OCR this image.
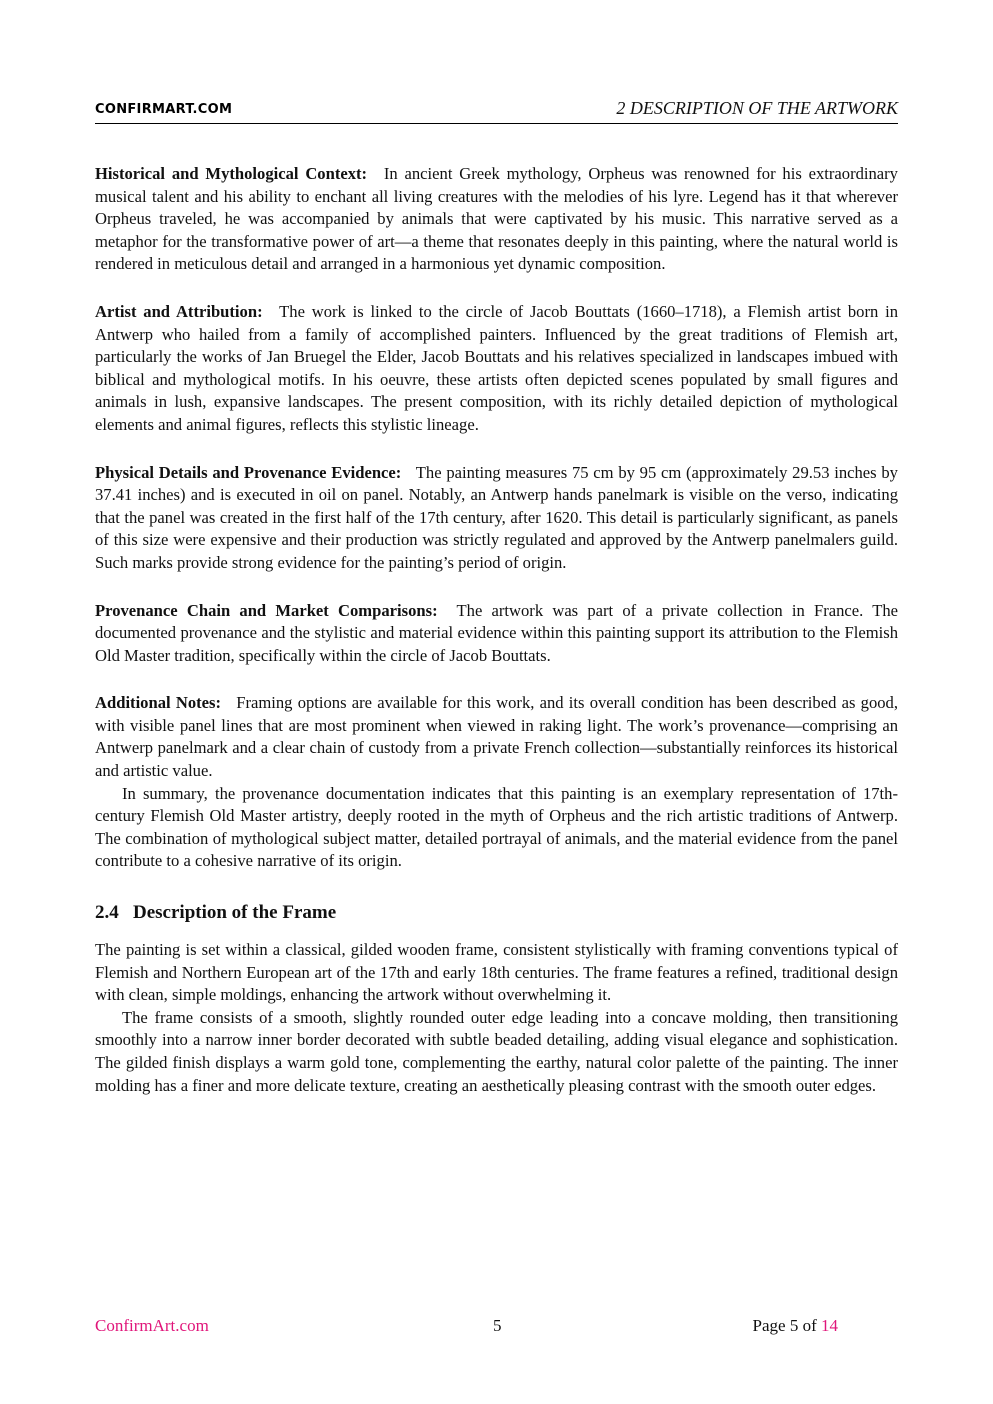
CONFIRMART.COM	2 DESCRIPTION OF THE ARTWORK

Historical and Mythological Context: In ancient Greek mythology, Orpheus was renowned for his extraordinary musical talent and his ability to enchant all living creatures with the melodies of his lyre. Legend has it that wherever Orpheus traveled, he was accompanied by animals that were captivated by his music. This narrative served as a metaphor for the transformative power of art—a theme that resonates deeply in this painting, where the natural world is rendered in meticulous detail and arranged in a harmonious yet dynamic composition.

Artist and Attribution: The work is linked to the circle of Jacob Bouttats (1660–1718), a Flemish artist born in Antwerp who hailed from a family of accomplished painters. Influenced by the great traditions of Flemish art, particularly the works of Jan Bruegel the Elder, Jacob Bouttats and his relatives specialized in landscapes imbued with biblical and mythological motifs. In his oeuvre, these artists often depicted scenes populated by small figures and animals in lush, expansive landscapes. The present composition, with its richly detailed depiction of mythological elements and animal figures, reflects this stylistic lineage.

Physical Details and Provenance Evidence: The painting measures 75 cm by 95 cm (approximately 29.53 inches by 37.41 inches) and is executed in oil on panel. Notably, an Antwerp hands panelmark is visible on the verso, indicating that the panel was created in the first half of the 17th century, after 1620. This detail is particularly significant, as panels of this size were expensive and their production was strictly regulated and approved by the Antwerp panelmalers guild. Such marks provide strong evidence for the painting’s period of origin.

Provenance Chain and Market Comparisons: The artwork was part of a private collection in France. The documented provenance and the stylistic and material evidence within this painting support its attribution to the Flemish Old Master tradition, specifically within the circle of Jacob Bouttats.

Additional Notes: Framing options are available for this work, and its overall condition has been described as good, with visible panel lines that are most prominent when viewed in raking light. The work’s provenance—comprising an Antwerp panelmark and a clear chain of custody from a private French collection—substantially reinforces its historical and artistic value.

In summary, the provenance documentation indicates that this painting is an exemplary representation of 17th-century Flemish Old Master artistry, deeply rooted in the myth of Orpheus and the rich artistic traditions of Antwerp. The combination of mythological subject matter, detailed portrayal of animals, and the material evidence from the panel contribute to a cohesive narrative of its origin.

2.4 Description of the Frame

The painting is set within a classical, gilded wooden frame, consistent stylistically with framing conventions typical of Flemish and Northern European art of the 17th and early 18th centuries. The frame features a refined, traditional design with clean, simple moldings, enhancing the artwork without overwhelming it.

The frame consists of a smooth, slightly rounded outer edge leading into a concave molding, then transitioning smoothly into a narrow inner border decorated with subtle beaded detailing, adding visual elegance and sophistication. The gilded finish displays a warm gold tone, complementing the earthy, natural color palette of the painting. The inner molding has a finer and more delicate texture, creating an aesthetically pleasing contrast with the smooth outer edges.

ConfirmArt.com	5	Page 5 of 14
